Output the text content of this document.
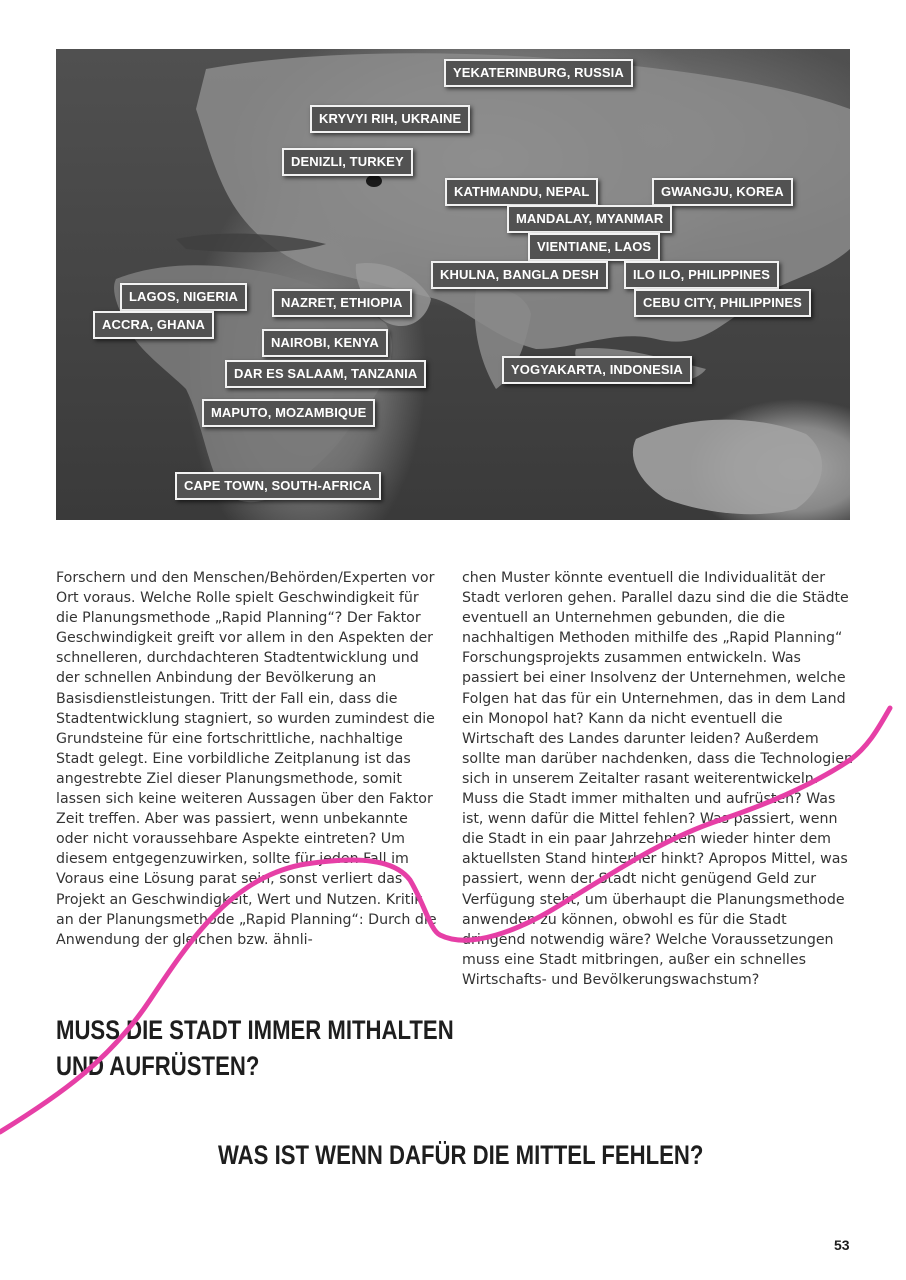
YEKATERINBURG, RUSSIA
KRYVYI RIH, UKRAINE
DENIZLI, TURKEY
KATHMANDU, NEPAL	GWANGJU, KOREA
MANDALAY, MYANMAR
VIENTIANE, LAOS
KHULNA, BANGLA DESH	ILO ILO, PHILIPPINES
LAGOS, NIGERIA	NAZRET, ETHIOPIA	CEBU CITY, PHILIPPINES
ACCRA, GHANA
NAIROBI, KENYA
YOGYAKARTA, INDONESIA
DAR ES SALAAM, TANZANIA
MAPUTO, MOZAMBIQUE
CAPE TOWN, SOUTH-AFRICA

Forschern und den Menschen/Behörden/Experten vor Ort voraus. Welche Rolle spielt Geschwindigkeit für die Planungsmethode „Rapid Planning“? Der Faktor Geschwindigkeit greift vor allem in den Aspekten der schnelleren, durchdachteren Stadtentwicklung und der schnellen Anbindung der Bevölkerung an Basisdienstleistungen. Tritt der Fall ein, dass die Stadtentwicklung stagniert, so wurden zumindest die Grundsteine für eine fortschrittliche, nachhaltige Stadt gelegt. Eine vorbildliche Zeitplanung ist das angestrebte Ziel dieser Planungsmethode, somit lassen sich keine weiteren Aussagen über den Faktor Zeit treffen. Aber was passiert, wenn unbekannte oder nicht voraussehbare Aspekte eintreten? Um diesem entgegenzuwirken, sollte für jeden Fall im Voraus eine Lösung parat sein, sonst verliert das Projekt an Geschwindigkeit, Wert und Nutzen. Kritik an der Planungsmethode „Rapid Planning“: Durch die Anwendung der gleichen bzw. ähnli-

chen Muster könnte eventuell die Individualität der Stadt verloren gehen. Parallel dazu sind die die Städte eventuell an Unternehmen gebunden, die die nachhaltigen Methoden mithilfe des „Rapid Planning“ Forschungsprojekts zusammen entwickeln. Was passiert bei einer Insolvenz der Unternehmen, welche Folgen hat das für ein Unternehmen, das in dem Land ein Monopol hat? Kann da nicht eventuell die Wirtschaft des Landes darunter leiden? Außerdem sollte man darüber nachdenken, dass die Technologien sich in unserem Zeitalter rasant weiterentwickeln. Muss die Stadt immer mithalten und aufrüsten? Was ist, wenn dafür die Mittel fehlen? Was passiert, wenn die Stadt in ein paar Jahrzehnten wieder hinter dem aktuellsten Stand hinterher hinkt? Apropos Mittel, was passiert, wenn der Stadt nicht genügend Geld zur Verfügung steht, um überhaupt die Planungsmethode anwenden zu können, obwohl es für die Stadt dringend notwendig wäre? Welche Voraussetzungen muss eine Stadt mitbringen, außer ein schnelles Wirtschafts- und Bevölkerungswachstum?

MUSS DIE STADT IMMER MITHALTEN
UND AUFRÜSTEN?
WAS IST WENN DAFÜR DIE MITTEL FEHLEN?
53
